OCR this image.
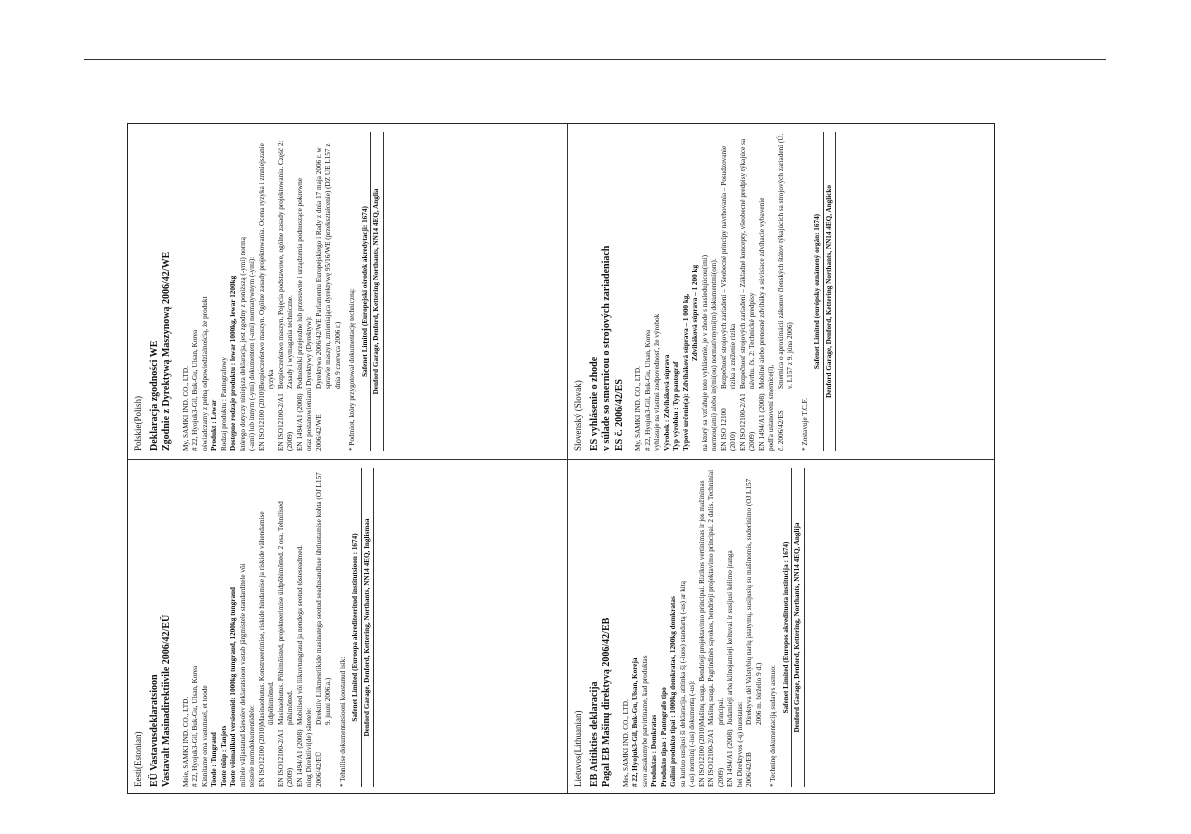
Polskie(Polish) Deklaracja zgodności WE Zgodnie z Dyrektywą Maszynową 2006/42/WE My, SAMKI IND. CO., LTD. # 22, Hyojuk3-Gil, Buk-Gu, Ulsan, Korea oświadczamy z pełną odpowiedzialnością, że produkt Produkt : Lewar Rodzaj produktu : Pantografowy Dostępne rodzaje produktu : lewar 1000kg, lewar 1200kg którego dotyczy niniejsza deklaracja, jest zgodny z poniższą (-ymi) normą (-ami) lub innym (-ymi) dokumentem (-ami) normatywnym (-ymi): EN ISO12100 (2010)
Bezpieczeństwo maszyn. Ogólne zasady projektowania. Ocena ryzyka i zmniejszanie ryzyka
EN ISO12100-2/A1 (2009)
Bezpieczeństwo maszyn. Pojęcia podstawowe, ogólne zasady projektowania. Część 2: Zasady i wymagania techniczne.
EN 1494/A1 (2008)
Podnośniki przejezdne lub przesuwne i urządzenia podnoszące pokrewne oraz postanowieniami Dyrektywy (Dyrektyw): 2006/42/WE
Dyrektywa 2006/42/WE Parlamentu Europejskiego i Rady z dnia 17 maja 2006 r. w sprawie maszyn, zmieniająca dyrektywę 95/16/WE (przekształcenie) (DZ UE L157 z dnia 9 czerwca 2006 r.) * Podmiot, który przygotował dokumentację techniczną: Safenet Limited (Europejski ośrodek akredytacji: 1674) Denford Garage, Denford, Kettering Northants, NN14 4EQ, Anglia
Slovenský (Slovak) ES vyhlásenie o zhode v súlade so smernicou o strojových zariadeniach ES č. 2006/42/ES My, SAMKI IND. CO., LTD. # 22, Hyojuk3-Gil, Buk-Gu, Ulsan, Korea vyhlasuje na vlastnú zodpovednosť, že výrobok Výrobok : Zdviháková súprava Typ výrobku : Typ pantograf Typové určenie(a): Zdviháková súprava – 1 000 kg, Zdviháková súprava – 1 200 kg na ktorý sa vzťahuje toto vyhlásenie, je v zhode s nasledujúcou(imi) normou(ami) alebo inými(ou) normatívnymi(m) dokumentmi(om). EN ISO 12100 (2010)
Bezpečnosť strojových zariadení – Všeobecné princípy navrhovania – Posudzovanie rizika a zníženie rizika
EN ISO12100-2/A1 (2009)
Bezpečnosť strojových zariadení – Základné koncepty, všeobecné predpisy týkajúce sa návrhu. čs. 2: Technické predpisy
EN 1494/A1 (2008)
Mobilné alebo prenosné zdviháky a súvisiace zdvíhacie vybavenie
podľa ustanovení smernice(í), č. 2006/42/ES
Smernica o aproximácii zákonov členských štátov týkajúcich sa strojových zariadení (Ú. v. L157 z 9. júna 2006)
* Zostavuje T.C.F.
Safenet Limited (európsky oznámený orgán: 1674) Denford Garage, Denford, Kettering Northants, NN14 4EQ, Anglicko
Eesti(Estonian) EÜ Vastavusdeklaratsioon Vastavalt Masinadirektiivile 2006/42/EÜ Meie, SAMKI IND. CO., LTD. # 22, Hyojuk3-Gil, Buk-Gu, Ulsan, Korea Kinnitame oma vastutusel, et toode Toode : Tungraud Toote tüüp : Tanjets Toote võimalikud versioonid: 1000kg tungraud, 1200kg tungraud millele väljastatud käesolev deklaratsioon vastab järgmistele standarditele või teistele normdokumentidele: EN ISO12100 (2010)
Masinaohutus. Konstrueerimise, riskide hindamise ja riskide vähendamise üldpõhimõtted.
EN ISO12100-2/A1 (2009)
Masinaohutus. Põhimõisted, projekteerimise üldpõhimõtted. 2 osa. Tehnilised põhimõtted.
EN 1494/A1 (2008)
Mobiilsed või liikuvtungraud ja nendega seotud tõsteseadmed.
ning Direktiivi(de) sätetele: 2006/42/EÜ
Direktiiv Liikmesriikide masinatega seotud seadusandluse ühtlustamise kohta (OJ L157 9. juuni 2006.a.) * Tehnilise dokumentatsiooni koostanud isik:
Safenet Limited (Euroopa akrediteeritud institutsioon : 1674) Denford Garage, Denford, Kettering, Northants, NN14 4EQ, Inglismaa
Lietuvos(Lithuanian) EB Atitikties deklaracija Pagal EB Mašinų direktyvą 2006/42/EB Mes, SAMKI IND. CO., LTD. # 22, Hyojuk3-Gil, Buk-Gu, Ulsan, Koreja savo atsakomybe patvirtiname, kad produktas Produktas : Domkratas Produkto tipas : Pantografo tipo Galimi produkto tipai : 1000kg domkratas, 1200kg domkratas su kuriuo susijusi ši deklaracija, atitinka šį (-iuos) standartą (-us) ar kitą (-us) norminį (-ius) dokumentą (-us): EN ISO12100 (2010)
Mašinų sauga. Bendrieji projektavimo principai. Rizikos vertinimas ir jos mažinimas
EN ISO12100-2/A1 (2009)
Mašinų sauga. Pagrindinės sąvokos, bendrieji projektavimo principai. 2 dalis. Techniniai principai.
EN 1494/A1 (2008)
Judamieji arba kilnojamieji keltuvai ir susijusi kėlimo įranga
bei Direktyvos (-ų) nuostatas: 2006/42/EB
Direktyva dėl Valstybių narių įstatymų, susijusių su mašinomis, suderinimo (OJ L157 2006 m. birželio 9 d.) * Techninę dokumentaciją sudarys asmuo:
Safenet Limited (Europos akredituota institucija : 1674) Denford Garage, Denford, Kettering, Northants, NN14 4EQ, Anglija
